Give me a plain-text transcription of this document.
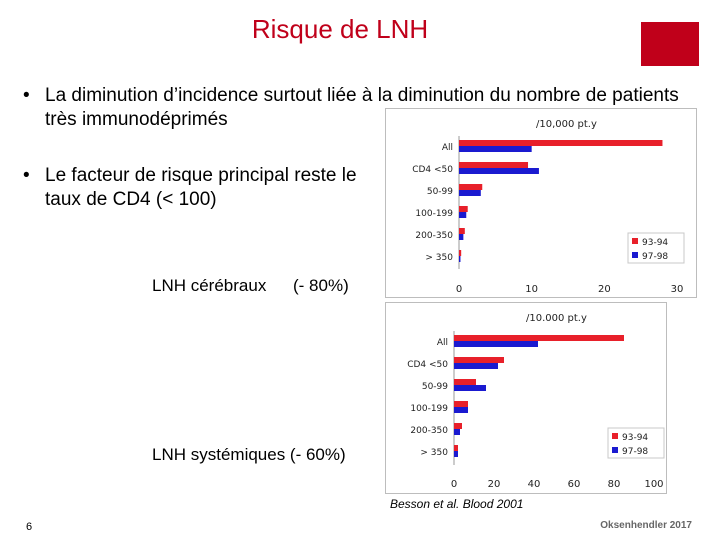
Risque de LNH
• La diminution d’incidence surtout liée à la diminution du nombre de patients très immunodéprimés
• Le facteur de risque principal reste le taux de CD4 (< 100)
/10,000 pt.y
All
CD4 <50
50-99
100-199
200-350
> 350
0	10	20	30
93-94
97-98
/10.000 pt.y
All
CD4 <50
50-99
100-199
200-350
> 350
0	20	40	60	80 100
93-94
97-98
LNH cérébraux (- 80%)
LNH systémiques (- 60%)
Besson et al. Blood 2001
6	Oksenhendler 2017
